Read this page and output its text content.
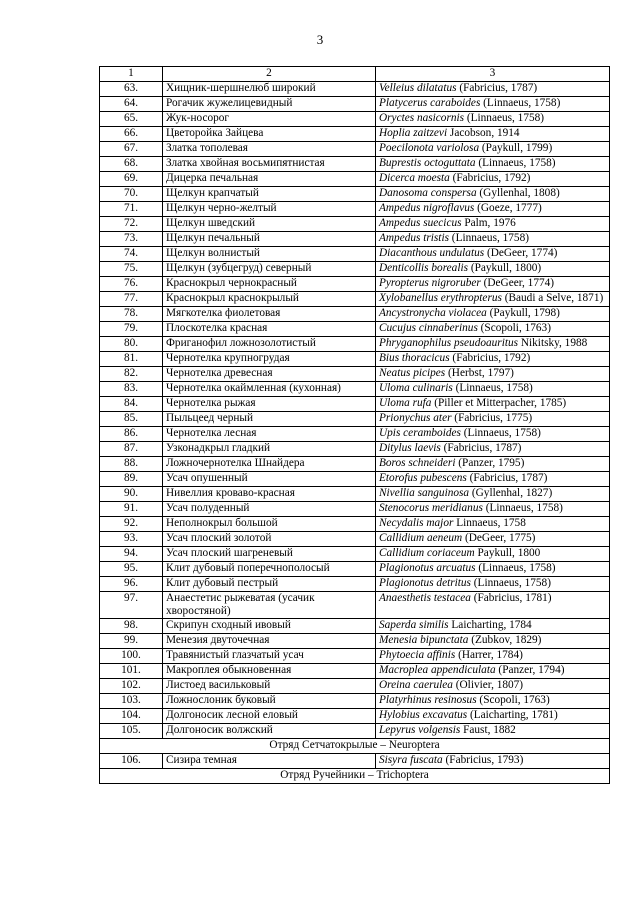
3
1	2	3
63.	Хищник-шершнелюб широкий	Velleius dilatatus (Fabricius, 1787)
64.	Рогачик жужелицевидный	Platycerus caraboides (Linnaeus, 1758)
65.	Жук-носорог	Oryctes nasicornis (Linnaeus, 1758)
66.	Цветоройка Зайцева	Hoplia zaitzevi Jacobson, 1914
67.	Златка тополевая	Poecilonota variolosa (Paykull, 1799)
68.	Златка хвойная восьмипятнистая	Buprestis octoguttata (Linnaeus, 1758)
69.	Дицерка печальная	Dicerca moesta (Fabricius, 1792)
70.	Щелкун крапчатый	Danosoma conspersa (Gyllenhal, 1808)
71.	Щелкун черно-желтый	Ampedus nigroflavus (Goeze, 1777)
72.	Щелкун шведский	Ampedus suecicus Palm, 1976
73.	Щелкун печальный	Ampedus tristis (Linnaeus, 1758)
74.	Щелкун волнистый	Diacanthous undulatus (DeGeer, 1774)
75.	Щелкун (зубцегруд) северный	Denticollis borealis (Paykull, 1800)
76.	Краснокрыл чернокрасный	Pyropterus nigroruber (DeGeer, 1774)
77.	Краснокрыл краснокрылый	Xylobanellus erythropterus (Baudi a Selve, 1871)
78.	Мягкотелка фиолетовая	Ancystronycha violacea (Paykull, 1798)
79.	Плоскотелка красная	Cucujus cinnaberinus (Scopoli, 1763)
80.	Фриганофил ложнозолотистый	Phryganophilus pseudoauritus Nikitsky, 1988
81.	Чернотелка крупногрудая	Bius thoracicus (Fabricius, 1792)
82.	Чернотелка древесная	Neatus picipes (Herbst, 1797)
83.	Чернотелка окаймленная (кухонная)	Uloma culinaris (Linnaeus, 1758)
84.	Чернотелка рыжая	Uloma rufa (Piller et Mitterpacher, 1785)
85.	Пыльцеед черный	Prionychus ater (Fabricius, 1775)
86.	Чернотелка лесная	Upis ceramboides (Linnaeus, 1758)
87.	Узконадкрыл гладкий	Ditylus laevis (Fabricius, 1787)
88.	Ложночернотелка Шнайдера	Boros schneideri (Panzer, 1795)
89.	Усач опушенный	Etorofus pubescens (Fabricius, 1787)
90.	Нивеллия кроваво-красная	Nivellia sanguinosa (Gyllenhal, 1827)
91.	Усач полуденный	Stenocorus meridianus (Linnaeus, 1758)
92.	Неполнокрыл большой	Necydalis major Linnaeus, 1758
93.	Усач плоский золотой	Callidium aeneum (DeGeer, 1775)
94.	Усач плоский шагреневый	Callidium coriaceum Paykull, 1800
95.	Клит дубовый поперечнополосый	Plagionotus arcuatus (Linnaeus, 1758)
96.	Клит дубовый пестрый	Plagionotus detritus (Linnaeus, 1758)
97.	Анаестетис рыжеватая (усачик хворостяной)	Anaesthetis testacea (Fabricius, 1781)
98.	Скрипун сходный ивовый	Saperda similis Laicharting, 1784
99.	Менезия двуточечная	Menesia bipunctata (Zubkov, 1829)
100.	Травянистый глазчатый усач	Phytoecia affinis (Harrer, 1784)
101.	Макроплея обыкновенная	Macroplea appendiculata (Panzer, 1794)
102.	Листоед васильковый	Oreina caerulea (Olivier, 1807)
103.	Ложнослоник буковый	Platyrhinus resinosus (Scopoli, 1763)
104.	Долгоносик лесной еловый	Hylobius excavatus (Laicharting, 1781)
105.	Долгоносик волжский	Lepyrus volgensis Faust, 1882
Отряд Сетчатокрылые – Neuroptera		
106.	Сизира темная	Sisyra fuscata (Fabricius, 1793)
Отряд Ручейники – Trichoptera		
